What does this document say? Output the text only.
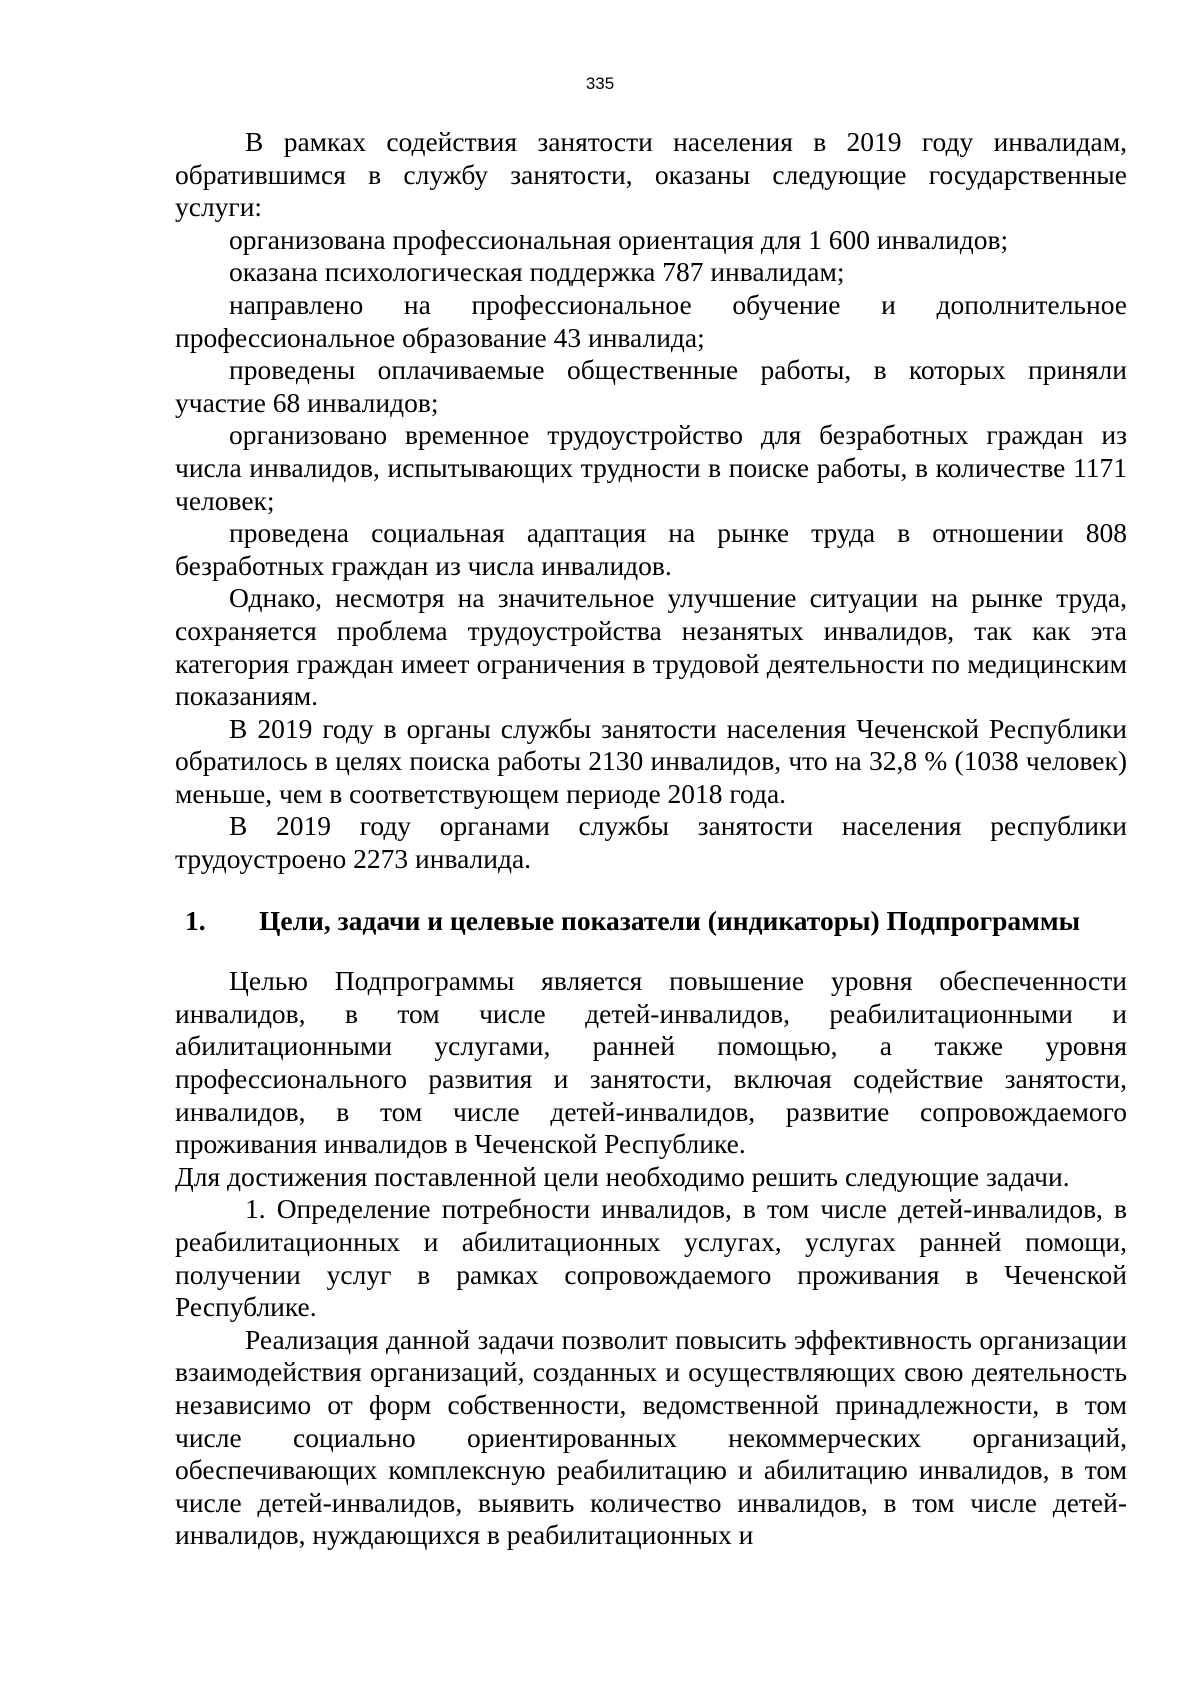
335

В рамках содействия занятости населения в 2019 году инвалидам, обратившимся в службу занятости, оказаны следующие государственные услуги:

организована профессиональная ориентация для 1 600 инвалидов;

оказана психологическая поддержка 787 инвалидам;

направлено на профессиональное обучение и дополнительное профессиональное образование 43 инвалида;

проведены оплачиваемые общественные работы, в которых приняли участие 68 инвалидов;

организовано временное трудоустройство для безработных граждан из числа инвалидов, испытывающих трудности в поиске работы, в количестве 1171 человек;

проведена социальная адаптация на рынке труда в отношении 808 безработных граждан из числа инвалидов.

Однако, несмотря на значительное улучшение ситуации на рынке труда, сохраняется проблема трудоустройства незанятых инвалидов, так как эта категория граждан имеет ограничения в трудовой деятельности по медицинским показаниям.

В 2019 году в органы службы занятости населения Чеченской Республики обратилось в целях поиска работы 2130 инвалидов, что на 32,8 % (1038 человек) меньше, чем в соответствующем периоде 2018 года.

В 2019 году органами службы занятости населения республики трудоустроено 2273 инвалида.

1.	Цели, задачи и целевые показатели (индикаторы) Подпрограммы

Целью Подпрограммы является повышение уровня обеспеченности инвалидов, в том числе детей-инвалидов, реабилитационными и абилитационными услугами, ранней помощью, а также уровня профессионального развития и занятости, включая содействие занятости, инвалидов, в том числе детей-инвалидов, развитие сопровождаемого проживания инвалидов в Чеченской Республике.

Для достижения поставленной цели необходимо решить следующие задачи.

1. Определение потребности инвалидов, в том числе детей-инвалидов, в реабилитационных и абилитационных услугах, услугах ранней помощи, получении услуг в рамках сопровождаемого проживания в Чеченской Республике.

Реализация данной задачи позволит повысить эффективность организации взаимодействия организаций, созданных и осуществляющих свою деятельность независимо от форм собственности, ведомственной принадлежности, в том числе социально ориентированных некоммерческих организаций, обеспечивающих комплексную реабилитацию и абилитацию инвалидов, в том числе детей-инвалидов, выявить количество инвалидов, в том числе детей-инвалидов, нуждающихся в реабилитационных и
